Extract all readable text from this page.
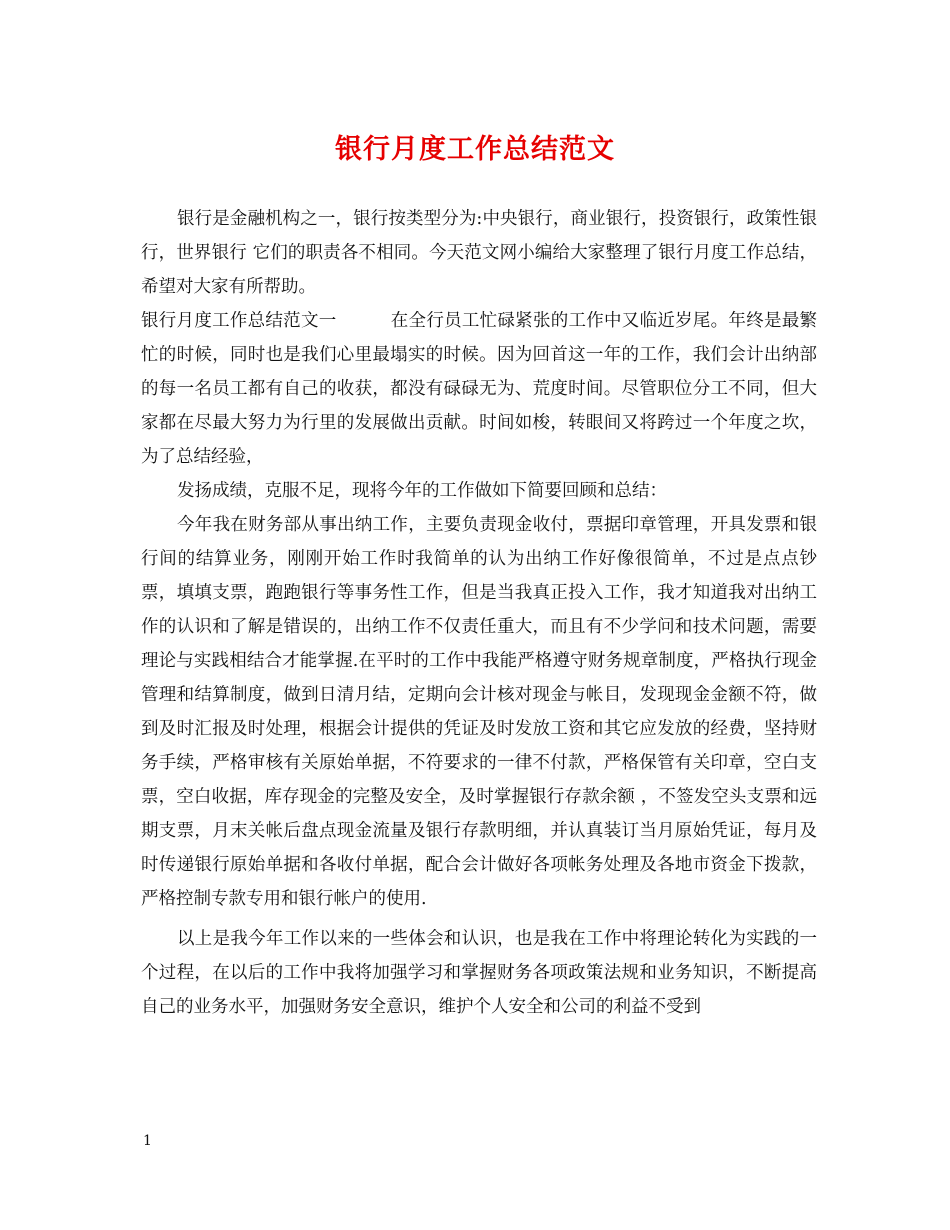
银行月度工作总结范文

银行是金融机构之一，银行按类型分为:中央银行，商业银行，投资银行，政策性银行，世界银行 它们的职责各不相同。今天范文网小编给大家整理了银行月度工作总结，希望对大家有所帮助。

银行月度工作总结范文一	在全行员工忙碌紧张的工作中又临近岁尾。年终是最繁忙的时候，同时也是我们心里最塌实的时候。因为回首这一年的工作，我们会计出纳部的每一名员工都有自己的收获，都没有碌碌无为、荒度时间。尽管职位分工不同，但大家都在尽最大努力为行里的发展做出贡献。时间如梭，转眼间又将跨过一个年度之坎，为了总结经验，

发扬成绩，克服不足，现将今年的工作做如下简要回顾和总结：

今年我在财务部从事出纳工作，主要负责现金收付，票据印章管理，开具发票和银行间的结算业务，刚刚开始工作时我简单的认为出纳工作好像很简单，不过是点点钞票，填填支票，跑跑银行等事务性工作，但是当我真正投入工作，我才知道我对出纳工作的认识和了解是错误的，出纳工作不仅责任重大，而且有不少学问和技术问题，需要理论与实践相结合才能掌握.在平时的工作中我能严格遵守财务规章制度，严格执行现金管理和结算制度，做到日清月结，定期向会计核对现金与帐目，发现现金金额不符，做到及时汇报及时处理，根据会计提供的凭证及时发放工资和其它应发放的经费，坚持财务手续，严格审核有关原始单据，不符要求的一律不付款，严格保管有关印章，空白支票，空白收据，库存现金的完整及安全，及时掌握银行存款余额 ，不签发空头支票和远期支票，月末关帐后盘点现金流量及银行存款明细，并认真装订当月原始凭证，每月及时传递银行原始单据和各收付单据，配合会计做好各项帐务处理及各地市资金下拨款，严格控制专款专用和银行帐户的使用.

以上是我今年工作以来的一些体会和认识，也是我在工作中将理论转化为实践的一个过程，在以后的工作中我将加强学习和掌握财务各项政策法规和业务知识，不断提高自己的业务水平，加强财务安全意识，维护个人安全和公司的利益不受到

1
